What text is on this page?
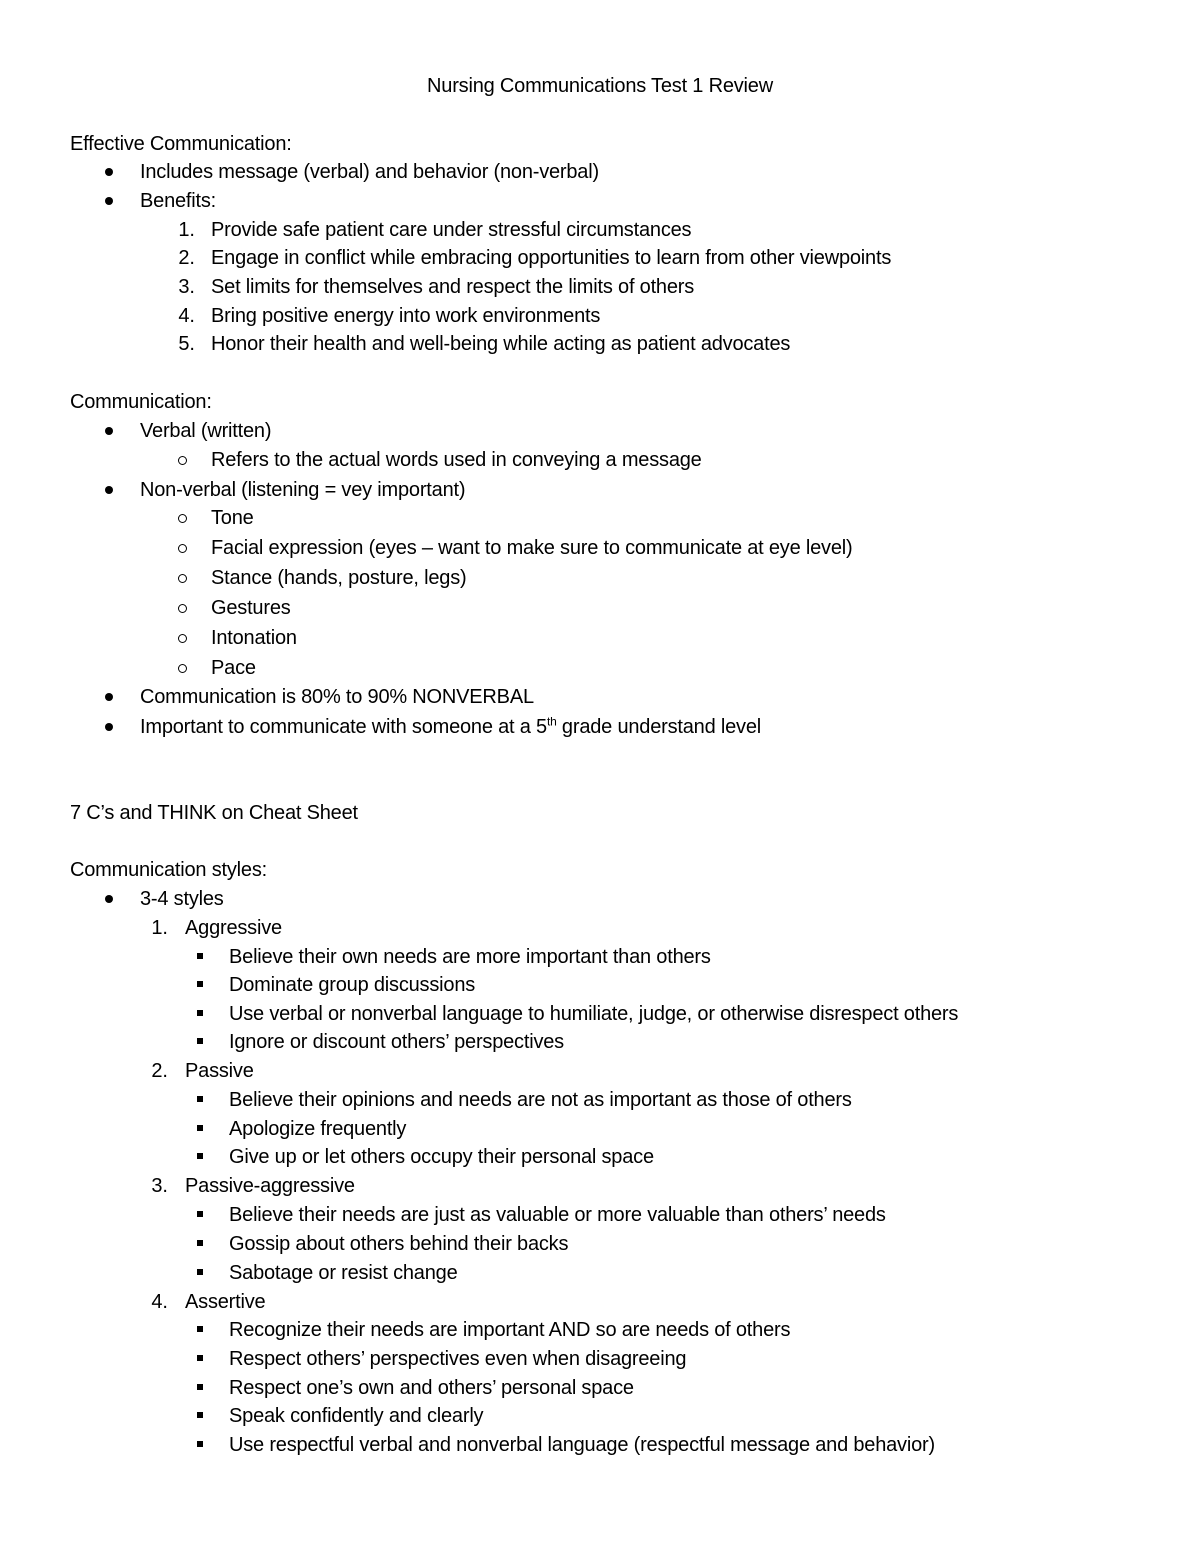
Nursing Communications Test 1 Review
Effective Communication:
Includes message (verbal) and behavior (non-verbal)
Benefits:
1. Provide safe patient care under stressful circumstances
2. Engage in conflict while embracing opportunities to learn from other viewpoints
3. Set limits for themselves and respect the limits of others
4. Bring positive energy into work environments
5. Honor their health and well-being while acting as patient advocates
Communication:
Verbal (written)
Refers to the actual words used in conveying a message
Non-verbal (listening = vey important)
Tone
Facial expression (eyes – want to make sure to communicate at eye level)
Stance (hands, posture, legs)
Gestures
Intonation
Pace
Communication is 80% to 90% NONVERBAL
Important to communicate with someone at a 5th grade understand level
7 C’s and THINK on Cheat Sheet
Communication styles:
3-4 styles
1. Aggressive
Believe their own needs are more important than others
Dominate group discussions
Use verbal or nonverbal language to humiliate, judge, or otherwise disrespect others
Ignore or discount others’ perspectives
2. Passive
Believe their opinions and needs are not as important as those of others
Apologize frequently
Give up or let others occupy their personal space
3. Passive-aggressive
Believe their needs are just as valuable or more valuable than others’ needs
Gossip about others behind their backs
Sabotage or resist change
4. Assertive
Recognize their needs are important AND so are needs of others
Respect others’ perspectives even when disagreeing
Respect one’s own and others’ personal space
Speak confidently and clearly
Use respectful verbal and nonverbal language (respectful message and behavior)
